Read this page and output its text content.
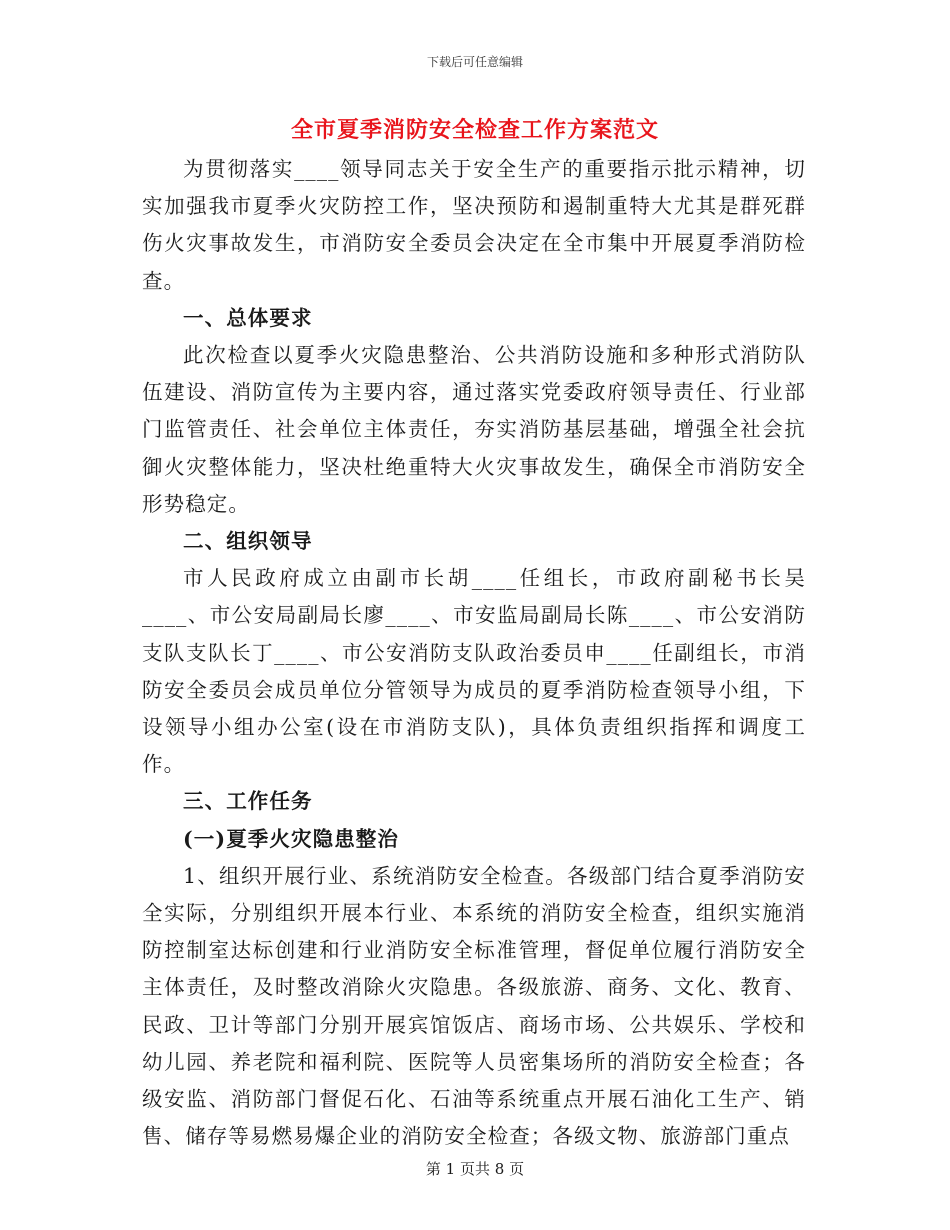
下载后可任意编辑
全市夏季消防安全检查工作方案范文

为贯彻落实____领导同志关于安全生产的重要指示批示精神，切实加强我市夏季火灾防控工作，坚决预防和遏制重特大尤其是群死群伤火灾事故发生，市消防安全委员会决定在全市集中开展夏季消防检查。

一、总体要求

此次检查以夏季火灾隐患整治、公共消防设施和多种形式消防队伍建设、消防宣传为主要内容，通过落实党委政府领导责任、行业部门监管责任、社会单位主体责任，夯实消防基层基础，增强全社会抗御火灾整体能力，坚决杜绝重特大火灾事故发生，确保全市消防安全形势稳定。

二、组织领导

市人民政府成立由副市长胡____任组长，市政府副秘书长吴____、市公安局副局长廖____、市安监局副局长陈____、市公安消防支队支队长丁____、市公安消防支队政治委员申____任副组长，市消防安全委员会成员单位分管领导为成员的夏季消防检查领导小组，下设领导小组办公室(设在市消防支队)，具体负责组织指挥和调度工作。

三、工作任务

(一)夏季火灾隐患整治

1、组织开展行业、系统消防安全检查。各级部门结合夏季消防安全实际，分别组织开展本行业、本系统的消防安全检查，组织实施消防控制室达标创建和行业消防安全标准管理，督促单位履行消防安全主体责任，及时整改消除火灾隐患。各级旅游、商务、文化、教育、民政、卫计等部门分别开展宾馆饭店、商场市场、公共娱乐、学校和幼儿园、养老院和福利院、医院等人员密集场所的消防安全检查；各级安监、消防部门督促石化、石油等系统重点开展石油化工生产、销售、储存等易燃易爆企业的消防安全检查；各级文物、旅游部门重点

第 1 页共 8 页
